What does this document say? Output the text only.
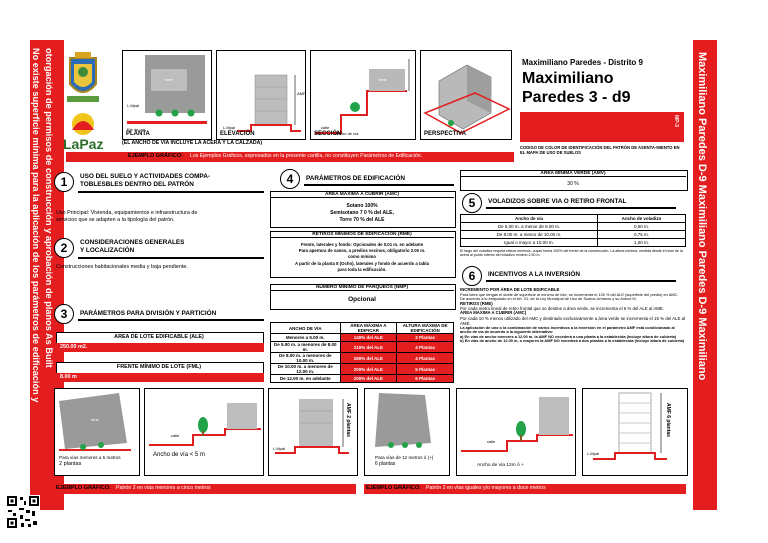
No existe superficie mínima para la aplicación de los parámetros de edificación y otorgación de permisos de construcción y aprobación de planos As Built	Maximiliano Paredes D-9 Maximiliano Paredes D-9 Maximiliano
LaPaz
fone
L.Mpal
Eje de vía
PLANTA
L.Mpal
AMF
ELEVACIÓN
fone
calle
Ancho de vía
SECCIÓN	PERSPECTIVA
(EL ANCHO DE VIA INCLUYE LA ACERA Y LA CALZADA)
Maximiliano Paredes - Distrito 9
Maximiliano
Paredes 3 - d9
MP-3
CODIGO DE COLOR DE IDENTIFICACIÓN DEL PATRÓN DE ASENTA-MIENTO EN EL MAPA DE USO DE SUELOS
EJEMPLO GRÁFICO: Los Ejemplos Gráficos, expresados en la presente cartilla, no constituyen Parámetros de Edificación.
1	USO DEL SUELO Y ACTIVIDADES COMPA-
TOBLESBLES DENTRO DEL PATRÓN
Uso Principal: Vivienda, equipamientos e infraestructura de
servicios que se adapten a la tipología del patrón.
2	CONSIDERACIONES GENERALES
Y LOCALIZACIÓN
Construcciones habitacionales media y baja pendiente.
3	PARÁMETROS PARA DIVISIÓN Y PARTICIÓN
AREA DE LOTE EDIFICABLE (ALE)
250.00 m2.
FRENTE MÍNIMO DE LOTE (FML)
8.00 m
4	PARÁMETROS DE EDIFICACIÓN
ÁREA MÁXIMA A CUBRIR (AMC)
Sotano 100%
Semisotano 7 0 % del ALE,
Torre 70 % del ALE
RETIROS MÍNIMOS DE EDIFICACIÓN (RME)
Frente, laterales y fondo: Opcionales de 0.01 m. en adelante
Para apertura de vanos, a predios vecinos, obligatorio 2.00 m.
como mínimo
A partir de la planta 8 (Ocho), laterales y fondo de acuerdo a tabla
para toda la edificación.
NÚMERO MÍNIMO DE PARQUEOS (NMP)
Opcional
ANCHO DE VÍA	ÁREA MÁXIMA A EDIFICAR	ALTURA MÁXIMA DE EDIFICACIÓN
Menores a 5.00 m.	140% del ALE	2 Plantas
De 5.00 m. a menores de 8.00 m.	210% del ALE	4 Plantas
De 8.00 m. a menores de 10.00 m.	280% del ALE	4 Plantas
De 10.00 m. a menores de 12.00 m.	200% del ALE	5 Plantas
De 12.00 m. en adelante	200% del ALE	6 Plantas
AREA MINIMA VERDE (AMV)
30 %
5	VOLADIZOS SOBRE VIA O RETIRO FRONTAL
Ancho de vía	Ancho de voladizo
De 5.00 m. a menor de 8.00 m.	0,50 m.
De 8.00 m. a menor de 10.00 m.	0,75 m.
Igual o mayor a 10.00 m.	1,00 m.
El largo del voladizo respeta retiros mínimos, cuyas forma 100% del frente de la construcción. La altura mínima, medida desde el nivel de la acera al punto inferior del voladizo mínimo 2.50 m.
6	INCENTIVOS A LA INVERSIÓN
INCREMENTO POR ÁREA DE LOTE EDIFICABLE
Para lotes que tengan el doble de superficie al mínimo de lote, se incrementa el 100 % del ALE (superficie del predio) en AMC.
De acuerdo a lo estipulado en el Art. 31, de la Ley Municipal de Uso de Suelos Urbanos y su Anexo III.
RETIROS (RME)
Por cada metro lineal de retiro frontal que se destine a área verde, se incrementa el 6 % del ALE al AME.
ÁREA MÁXIMA A CUBRIR (AMC)
Por cada 10 % menos utilizado del AMC y destinado exclusivamente a área verde se incrementa el 15 % del ALE al AME.
La aplicación de uno o la combinación de varios incentivos a la inversión en el parámetro AMF está condicionado al ancho de vía de acuerdo a la siguiente alternativa:
a) En vías de ancho menores a 12.00 m. la AMF NO excederá a una planta a la establecida (incluye altura de cubierta)
b) En vías de ancho de 12.00 m. o mayores la AMF NO excederá a dos plantas a la establecida (incluye altura de cubierta)
fone
Para vías menores a 5 metros
2 plantas
calle
Ancho de vía < 5 m
L.Mpal
AMF 2 plantas
Para vías de 12 metros ó (+)
6 plantas
calle
Ancho de vía 12m ó +
L.Mpal
AMF 6 plantas
EJEMPLO GRÁFICO: Patrón 2 en vías menores a cinco metros	EJEMPLO GRÁFICO: Patrón 2 en vías iguales y/o mayores a doce metros
